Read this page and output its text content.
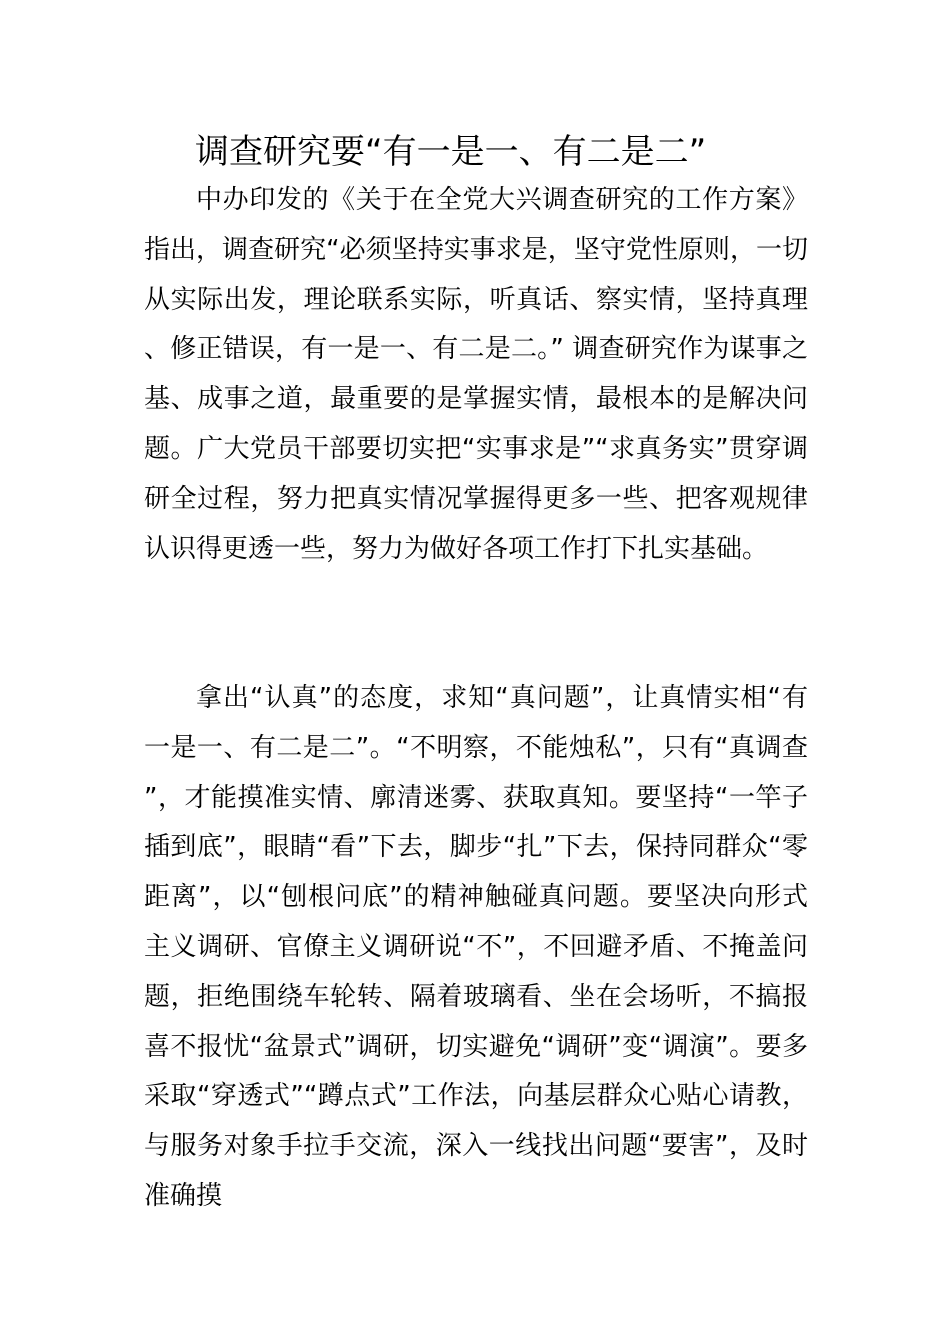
调查研究要“有一是一、有二是二”

中办印发的《关于在全党大兴调查研究的工作方案》指出，调查研究“必须坚持实事求是，坚守党性原则，一切从实际出发，理论联系实际，听真话、察实情，坚持真理、修正错误，有一是一、有二是二。” 调查研究作为谋事之基、成事之道，最重要的是掌握实情，最根本的是解决问题。广大党员干部要切实把“实事求是”“求真务实”贯穿调研全过程，努力把真实情况掌握得更多一些、把客观规律认识得更透一些，努力为做好各项工作打下扎实基础。

拿出“认真”的态度，求知“真问题”，让真情实相“有一是一、有二是二”。“不明察，不能烛私”，只有“真调查”，才能摸准实情、廓清迷雾、获取真知。要坚持“一竿子插到底”，眼睛“看”下去，脚步“扎”下去，保持同群众“零距离”，以“刨根问底”的精神触碰真问题。要坚决向形式主义调研、官僚主义调研说“不”，不回避矛盾、不掩盖问题，拒绝围绕车轮转、隔着玻璃看、坐在会场听，不搞报喜不报忧“盆景式”调研，切实避免“调研”变“调演”。要多采取“穿透式”“蹲点式”工作法，向基层群众心贴心请教，与服务对象手拉手交流，深入一线找出问题“要害”，及时准确摸
